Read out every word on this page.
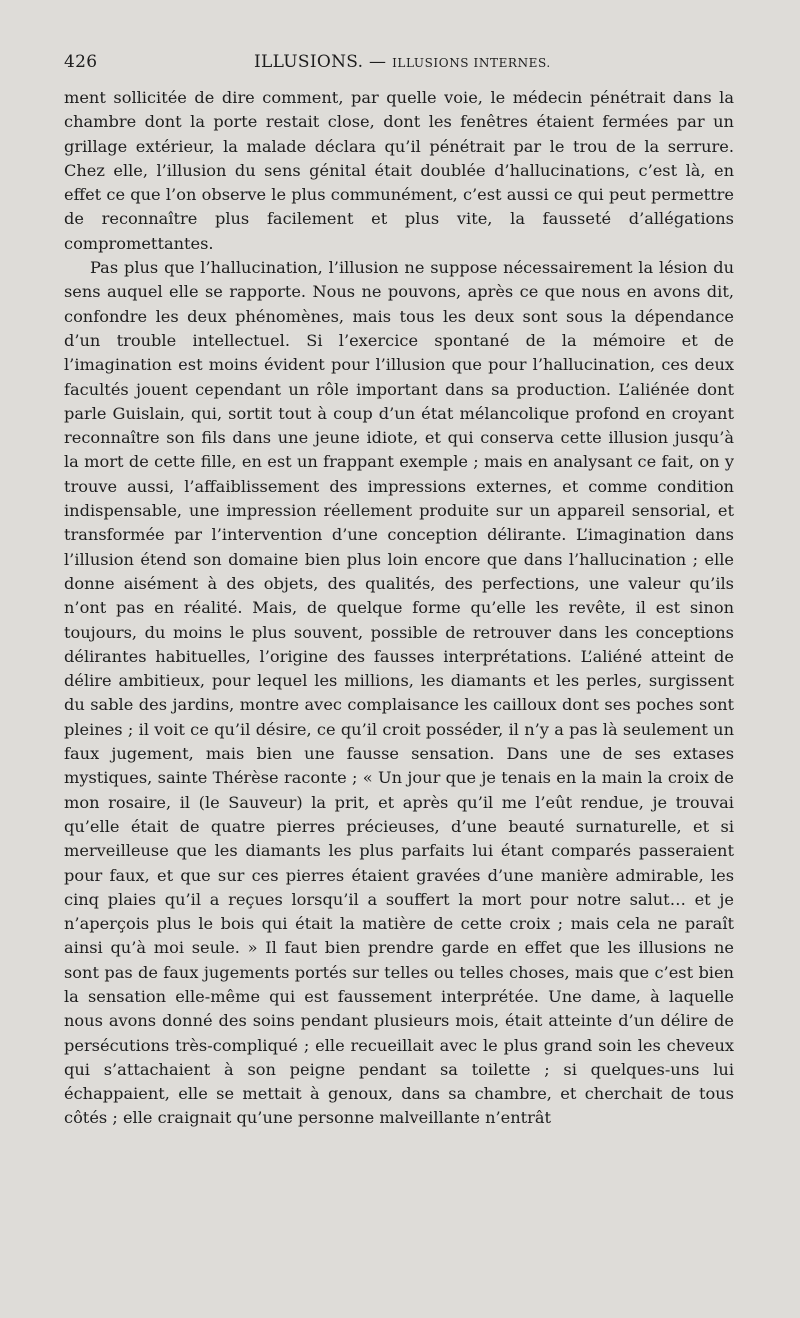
426	ILLUSIONS. — ILLUSIONS INTERNES.

ment sollicitée de dire comment, par quelle voie, le médecin pénétrait dans la chambre dont la porte restait close, dont les fenêtres étaient fermées par un grillage extérieur, la malade déclara qu’il pénétrait par le trou de la serrure. Chez elle, l’illusion du sens génital était doublée d’hallucinations, c’est là, en effet ce que l’on observe le plus communément, c’est aussi ce qui peut permettre de reconnaître plus facilement et plus vite, la fausseté d’allégations compromettantes.

Pas plus que l’hallucination, l’illusion ne suppose nécessairement la lésion du sens auquel elle se rapporte. Nous ne pouvons, après ce que nous en avons dit, confondre les deux phénomènes, mais tous les deux sont sous la dépendance d’un trouble intellectuel. Si l’exercice spontané de la mémoire et de l’imagination est moins évident pour l’illusion que pour l’hallucination, ces deux facultés jouent cependant un rôle important dans sa production. L’aliénée dont parle Guislain, qui, sortit tout à coup d’un état mélancolique profond en croyant reconnaître son fils dans une jeune idiote, et qui conserva cette illusion jusqu’à la mort de cette fille, en est un frappant exemple ; mais en analysant ce fait, on y trouve aussi, l’affaiblissement des impressions externes, et comme condition indispensable, une impression réellement produite sur un appareil sensorial, et transformée par l’intervention d’une conception délirante. L’imagination dans l’illusion étend son domaine bien plus loin encore que dans l’hallucination ; elle donne aisément à des objets, des qualités, des perfections, une valeur qu’ils n’ont pas en réalité. Mais, de quelque forme qu’elle les revête, il est sinon toujours, du moins le plus souvent, possible de retrouver dans les conceptions délirantes habituelles, l’origine des fausses interprétations. L’aliéné atteint de délire ambitieux, pour lequel les millions, les diamants et les perles, surgissent du sable des jardins, montre avec complaisance les cailloux dont ses poches sont pleines ; il voit ce qu’il désire, ce qu’il croit posséder, il n’y a pas là seulement un faux jugement, mais bien une fausse sensation. Dans une de ses extases mystiques, sainte Thérèse raconte ; « Un jour que je tenais en la main la croix de mon rosaire, il (le Sauveur) la prit, et après qu’il me l’eût rendue, je trouvai qu’elle était de quatre pierres précieuses, d’une beauté surnaturelle, et si merveilleuse que les diamants les plus parfaits lui étant comparés passeraient pour faux, et que sur ces pierres étaient gravées d’une manière admirable, les cinq plaies qu’il a reçues lorsqu’il a souffert la mort pour notre salut… et je n’aperçois plus le bois qui était la matière de cette croix ; mais cela ne paraît ainsi qu’à moi seule. » Il faut bien prendre garde en effet que les illusions ne sont pas de faux jugements portés sur telles ou telles choses, mais que c’est bien la sensation elle-même qui est faussement interprétée. Une dame, à laquelle nous avons donné des soins pendant plusieurs mois, était atteinte d’un délire de persécutions très-compliqué ; elle recueillait avec le plus grand soin les cheveux qui s’attachaient à son peigne pendant sa toilette ; si quelques-uns lui échappaient, elle se mettait à genoux, dans sa chambre, et cherchait de tous côtés ; elle craignait qu’une personne malveillante n’entrât
